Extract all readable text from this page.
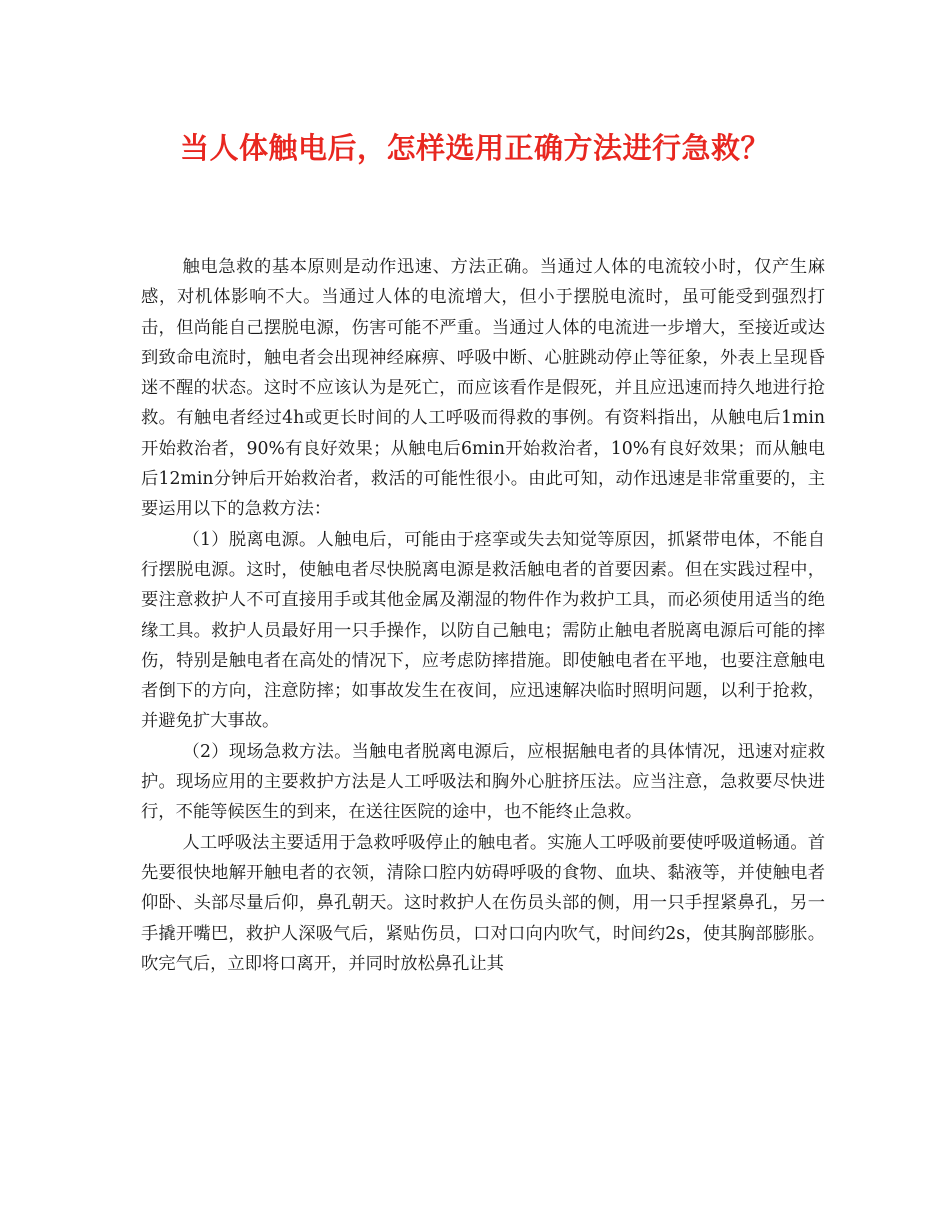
当人体触电后，怎样选用正确方法进行急救？

触电急救的基本原则是动作迅速、方法正确。当通过人体的电流较小时，仅产生麻感，对机体影响不大。当通过人体的电流增大，但小于摆脱电流时，虽可能受到强烈打击，但尚能自己摆脱电源，伤害可能不严重。当通过人体的电流进一步增大，至接近或达到致命电流时，触电者会出现神经麻痹、呼吸中断、心脏跳动停止等征象，外表上呈现昏迷不醒的状态。这时不应该认为是死亡，而应该看作是假死，并且应迅速而持久地进行抢救。有触电者经过4h或更长时间的人工呼吸而得救的事例。有资料指出，从触电后1min开始救治者，90%有良好效果；从触电后6min开始救治者，10%有良好效果；而从触电后12min分钟后开始救治者，救活的可能性很小。由此可知，动作迅速是非常重要的，主要运用以下的急救方法：

（1）脱离电源。人触电后，可能由于痉挛或失去知觉等原因，抓紧带电体，不能自行摆脱电源。这时，使触电者尽快脱离电源是救活触电者的首要因素。但在实践过程中，要注意救护人不可直接用手或其他金属及潮湿的物件作为救护工具，而必须使用适当的绝缘工具。救护人员最好用一只手操作，以防自己触电；需防止触电者脱离电源后可能的摔伤，特别是触电者在高处的情况下，应考虑防摔措施。即使触电者在平地，也要注意触电者倒下的方向，注意防摔；如事故发生在夜间，应迅速解决临时照明问题，以利于抢救，并避免扩大事故。

（2）现场急救方法。当触电者脱离电源后，应根据触电者的具体情况，迅速对症救护。现场应用的主要救护方法是人工呼吸法和胸外心脏挤压法。应当注意，急救要尽快进行，不能等候医生的到来，在送往医院的途中，也不能终止急救。

人工呼吸法主要适用于急救呼吸停止的触电者。实施人工呼吸前要使呼吸道畅通。首先要很快地解开触电者的衣领，清除口腔内妨碍呼吸的食物、血块、黏液等，并使触电者仰卧、头部尽量后仰，鼻孔朝天。这时救护人在伤员头部的侧，用一只手捏紧鼻孔，另一手撬开嘴巴，救护人深吸气后，紧贴伤员，口对口向内吹气，时间约2s，使其胸部膨胀。吹完气后，立即将口离开，并同时放松鼻孔让其
